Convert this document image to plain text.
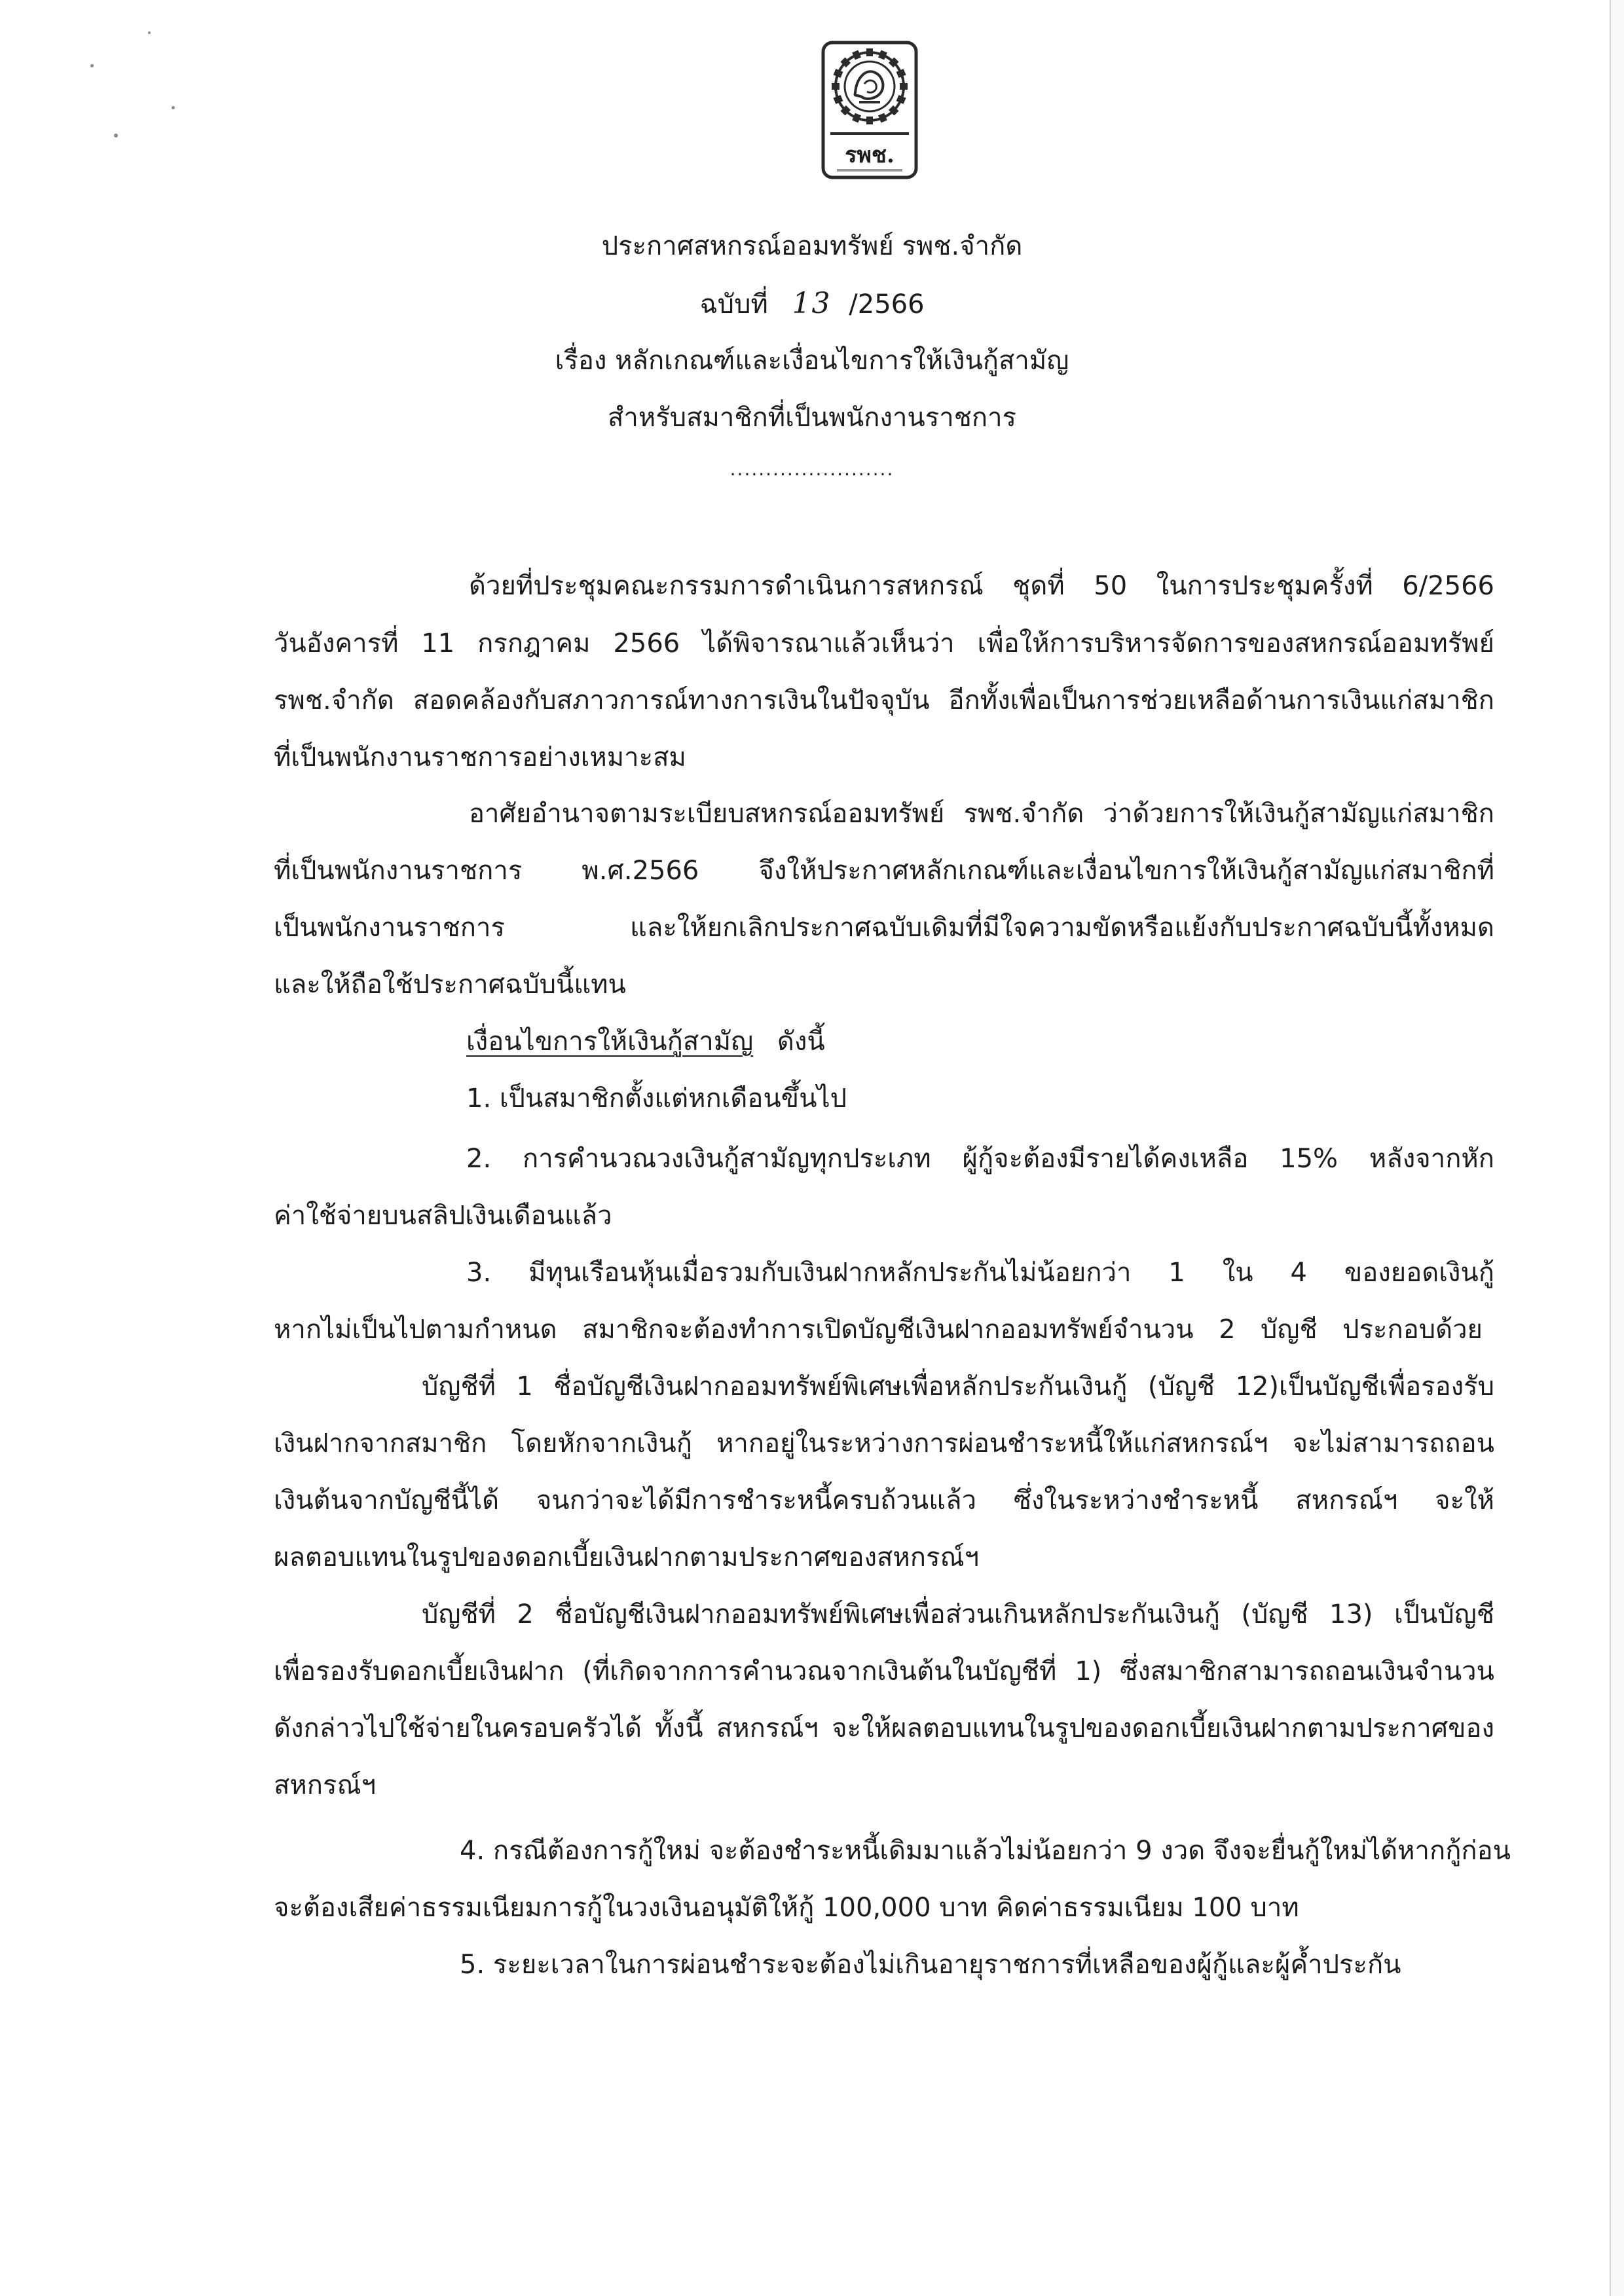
รพช.
ประกาศสหกรณ์ออมทรัพย์ รพช.จำกัด
ฉบับที่ 13 /2566
เรื่อง หลักเกณฑ์และเงื่อนไขการให้เงินกู้สามัญ
สำหรับสมาชิกที่เป็นพนักงานราชการ
.......................
ด้วยที่ประชุมคณะกรรมการดำเนินการสหกรณ์ ชุดที่ 50 ในการประชุมครั้งที่ 6/2566
วันอังคารที่ 11 กรกฎาคม 2566 ได้พิจารณาแล้วเห็นว่า เพื่อให้การบริหารจัดการของสหกรณ์ออมทรัพย์
รพช.จำกัด สอดคล้องกับสภาวการณ์ทางการเงินในปัจจุบัน อีกทั้งเพื่อเป็นการช่วยเหลือด้านการเงินแก่สมาชิก
ที่เป็นพนักงานราชการอย่างเหมาะสม
อาศัยอำนาจตามระเบียบสหกรณ์ออมทรัพย์ รพช.จำกัด ว่าด้วยการให้เงินกู้สามัญแก่สมาชิก
ที่เป็นพนักงานราชการ พ.ศ.2566 จึงให้ประกาศหลักเกณฑ์และเงื่อนไขการให้เงินกู้สามัญแก่สมาชิกที่
เป็นพนักงานราชการ และให้ยกเลิกประกาศฉบับเดิมที่มีใจความขัดหรือแย้งกับประกาศฉบับนี้ทั้งหมด
และให้ถือใช้ประกาศฉบับนี้แทน
เงื่อนไขการให้เงินกู้สามัญ ดังนี้
1. เป็นสมาชิกตั้งแต่หกเดือนขึ้นไป
2. การคำนวณวงเงินกู้สามัญทุกประเภท ผู้กู้จะต้องมีรายได้คงเหลือ 15% หลังจากหัก
ค่าใช้จ่ายบนสลิปเงินเดือนแล้ว
3. มีทุนเรือนหุ้นเมื่อรวมกับเงินฝากหลักประกันไม่น้อยกว่า 1 ใน 4 ของยอดเงินกู้
หากไม่เป็นไปตามกำหนด สมาชิกจะต้องทำการเปิดบัญชีเงินฝากออมทรัพย์จำนวน 2 บัญชี ประกอบด้วย
บัญชีที่ 1 ชื่อบัญชีเงินฝากออมทรัพย์พิเศษเพื่อหลักประกันเงินกู้ (บัญชี 12)เป็นบัญชีเพื่อรองรับ
เงินฝากจากสมาชิก โดยหักจากเงินกู้ หากอยู่ในระหว่างการผ่อนชำระหนี้ให้แก่สหกรณ์ฯ จะไม่สามารถถอน
เงินต้นจากบัญชีนี้ได้ จนกว่าจะได้มีการชำระหนี้ครบถ้วนแล้ว ซึ่งในระหว่างชำระหนี้ สหกรณ์ฯ จะให้
ผลตอบแทนในรูปของดอกเบี้ยเงินฝากตามประกาศของสหกรณ์ฯ
บัญชีที่ 2 ชื่อบัญชีเงินฝากออมทรัพย์พิเศษเพื่อส่วนเกินหลักประกันเงินกู้ (บัญชี 13) เป็นบัญชี
เพื่อรองรับดอกเบี้ยเงินฝาก (ที่เกิดจากการคำนวณจากเงินต้นในบัญชีที่ 1) ซึ่งสมาชิกสามารถถอนเงินจำนวน
ดังกล่าวไปใช้จ่ายในครอบครัวได้ ทั้งนี้ สหกรณ์ฯ จะให้ผลตอบแทนในรูปของดอกเบี้ยเงินฝากตามประกาศของ
สหกรณ์ฯ
4. กรณีต้องการกู้ใหม่ จะต้องชำระหนี้เดิมมาแล้วไม่น้อยกว่า 9 งวด จึงจะยื่นกู้ใหม่ได้หากกู้ก่อน
จะต้องเสียค่าธรรมเนียมการกู้ในวงเงินอนุมัติให้กู้ 100,000 บาท คิดค่าธรรมเนียม 100 บาท
5. ระยะเวลาในการผ่อนชำระจะต้องไม่เกินอายุราชการที่เหลือของผู้กู้และผู้ค้ำประกัน
